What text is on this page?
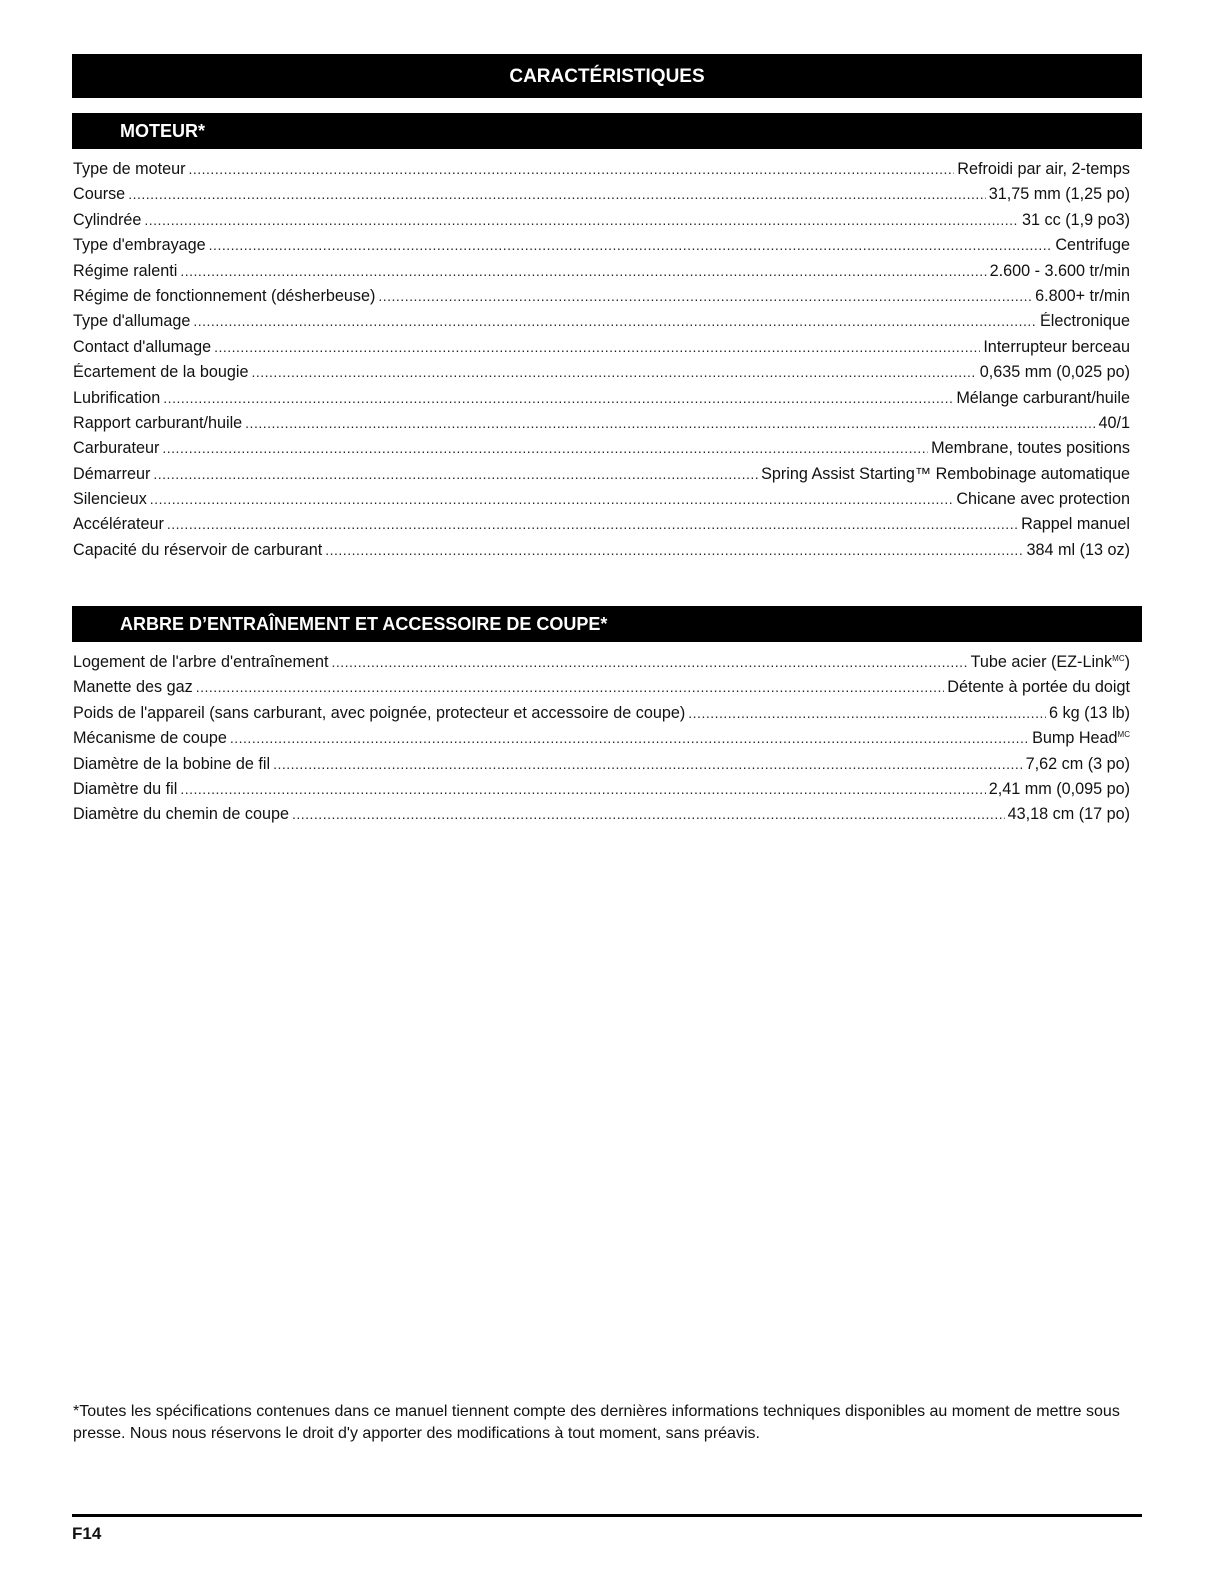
CARACTÉRISTIQUES
MOTEUR*
Type de moteur .....	Refroidi par air, 2-temps
Course .....	31,75 mm (1,25 po)
Cylindrée .....	31 cc (1,9 po3)
Type d'embrayage .....	Centrifuge
Régime ralenti .....	2.600 - 3.600 tr/min
Régime de fonctionnement (désherbeuse) .....	6.800+ tr/min
Type d'allumage .....	Électronique
Contact d'allumage .....	Interrupteur berceau
Écartement de la bougie .....	0,635 mm (0,025 po)
Lubrification .....	Mélange carburant/huile
Rapport carburant/huile .....	40/1
Carburateur .....	Membrane, toutes positions
Démarreur .....	Spring Assist Starting™ Rembobinage automatique
Silencieux .....	Chicane avec protection
Accélérateur .....	Rappel manuel
Capacité du réservoir de carburant .....	384 ml (13 oz)
ARBRE D’ENTRAÎNEMENT ET ACCESSOIRE DE COUPE*
Logement de l'arbre d'entraînement .....	Tube acier (EZ-Link$^{MC}$)
Manette des gaz .....	Détente à portée du doigt
Poids de l'appareil (sans carburant, avec poignée, protecteur et accessoire de coupe) .....	6 kg (13 lb)
Mécanisme de coupe .....	Bump Head$^{MC}$
Diamètre de la bobine de fil .....	7,62 cm (3 po)
Diamètre du fil .....	2,41 mm (0,095 po)
Diamètre du chemin de coupe .....	43,18 cm (17 po)
*Toutes les spécifications contenues dans ce manuel tiennent compte des dernières informations techniques disponibles au moment de mettre sous presse. Nous nous réservons le droit d'y apporter des modifications à tout moment, sans préavis.
F14
